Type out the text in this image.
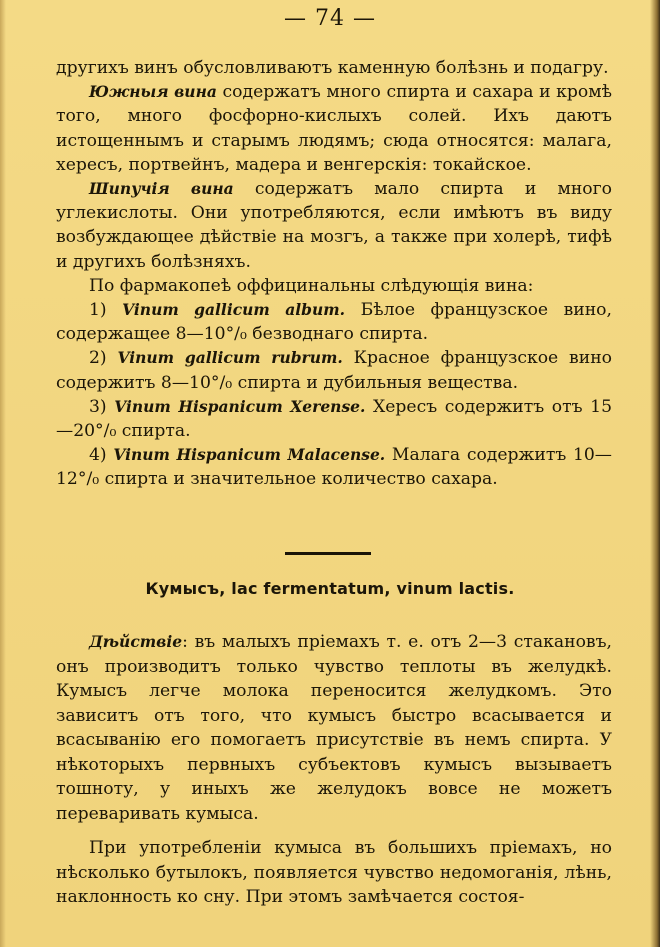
— 74 —

другихъ винъ обусловливаютъ каменную болѣзнь и подагру.

Южныя вина содержатъ много спирта и сахара и кромѣ того, много фосфорно-кислыхъ солей. Ихъ даютъ истощеннымъ и старымъ людямъ; сюда относятся: малага, хересъ, портвейнъ, мадера и венгерскія: токайское.

Шипучія вина содержатъ мало спирта и много углекислоты. Они употребляются, если имѣютъ въ виду возбуждающее дѣйствіе на мозгъ, а также при холерѣ, тифѣ и другихъ болѣзняхъ.

По фармакопеѣ оффицинальны слѣдующія вина:

1) Vinum gallicum album. Бѣлое французское вино, содержащее 8—10°/₀ безводнаго спирта.

2) Vinum gallicum rubrum. Красное французское вино содержитъ 8—10°/₀ спирта и дубильныя вещества.

3) Vinum Hispanicum Xerense. Хересъ содержитъ отъ 15—20°/₀ спирта.

4) Vinum Hispanicum Malacense. Малага содержитъ 10—12°/₀ спирта и значительное количество сахара.

Кумысъ, lac fermentatum, vinum lactis.

Дѣйствіе: въ малыхъ пріемахъ т. е. отъ 2—3 стакановъ, онъ производитъ только чувство теплоты въ желудкѣ. Кумысъ легче молока переносится желудкомъ. Это зависитъ отъ того, что кумысъ быстро всасывается и всасыванію его помогаетъ присутствіе въ немъ спирта. У нѣкоторыхъ первныхъ субъектовъ кумысъ вызываетъ тошноту, у иныхъ же желудокъ вовсе не можетъ переваривать кумыса.

При употребленіи кумыса въ большихъ пріемахъ, но нѣсколько бутылокъ, появляется чувство недомоганія, лѣнь, наклонность ко сну. При этомъ замѣчается состоя-
